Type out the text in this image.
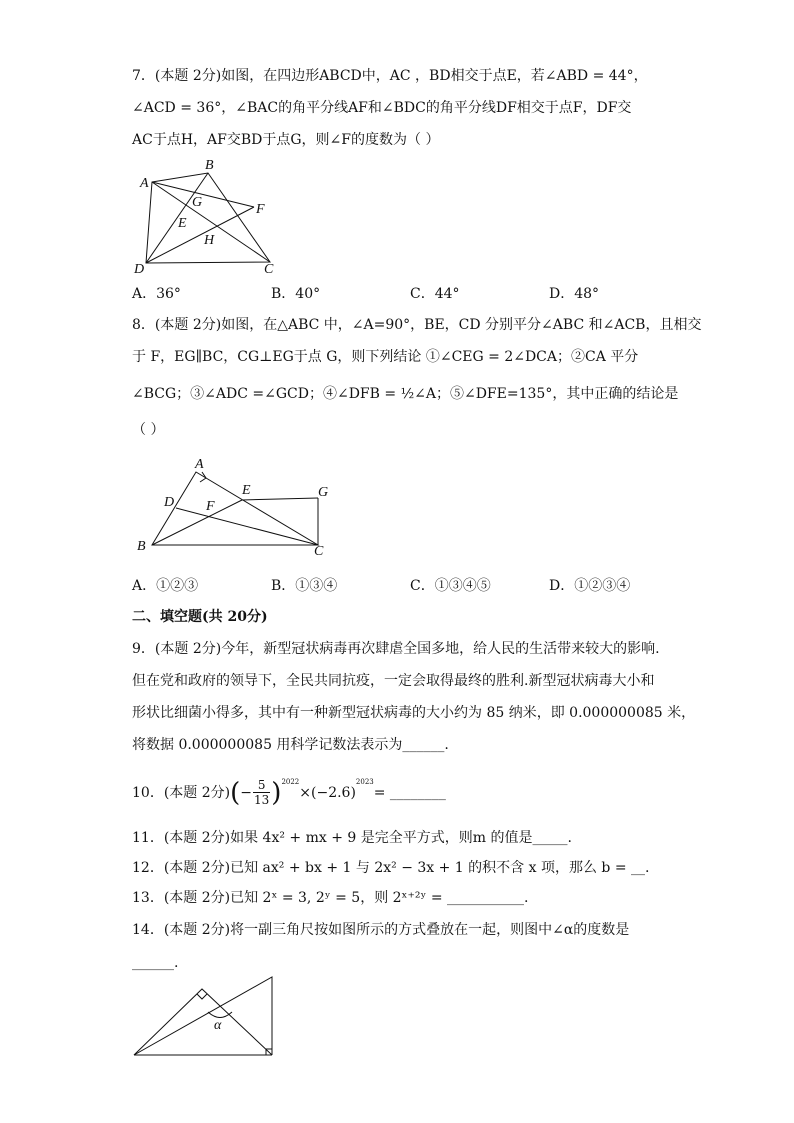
7．(本题 2分)如图，在四边形ABCD中，AC ，BD相交于点E，若∠ABD = 44°，
∠ACD = 36°，∠BAC的角平分线AF和∠BDC的角平分线DF相交于点F，DF交
AC于点H，AF交BD于点G，则∠F的度数为（ ）
A
B
G
E
F
H
D	C
A．36°	B．40°	C．44°	D．48°
8．(本题 2分)如图，在△ABC 中，∠A=90°，BE，CD 分别平分∠ABC 和∠ACB，且相交
于 F，EG∥BC，CG⊥EG于点 G，则下列结论 ①∠CEG = 2∠DCA；②CA 平分
∠BCG；③∠ADC =∠GCD；④∠DFB = ½∠A；⑤∠DFE=135°，其中正确的结论是
（ ）
A
E	G
D F
B	C
A．①②③	B．①③④	C．①③④⑤	D．①②③④
二、填空题(共 20分)
9．(本题 2分)今年，新型冠状病毒再次肆虐全国多地，给人民的生活带来较大的影响.
但在党和政府的领导下，全民共同抗疫，一定会取得最终的胜利.新型冠状病毒大小和
形状比细菌小得多，其中有一种新型冠状病毒的大小约为 85 纳米，即 0.000000085 米，
将数据 0.000000085 用科学记数法表示为______.
10．(本题 2分) ( − $\frac{5}{13}$ ) 2022
×(−2.6)
2023
= ________
11．(本题 2分)如果 4x² + mx + 9 是完全平方式，则m 的值是_____.
12．(本题 2分)已知 ax² + bx + 1 与 2x² − 3x + 1 的积不含 x 项，那么 b = __.
13．(本题 2分)已知 2ˣ = 3, 2ʸ = 5，则 2ˣ⁺²ʸ = ___________.
14．(本题 2分)将一副三角尺按如图所示的方式叠放在一起，则图中∠α的度数是
______.
α
